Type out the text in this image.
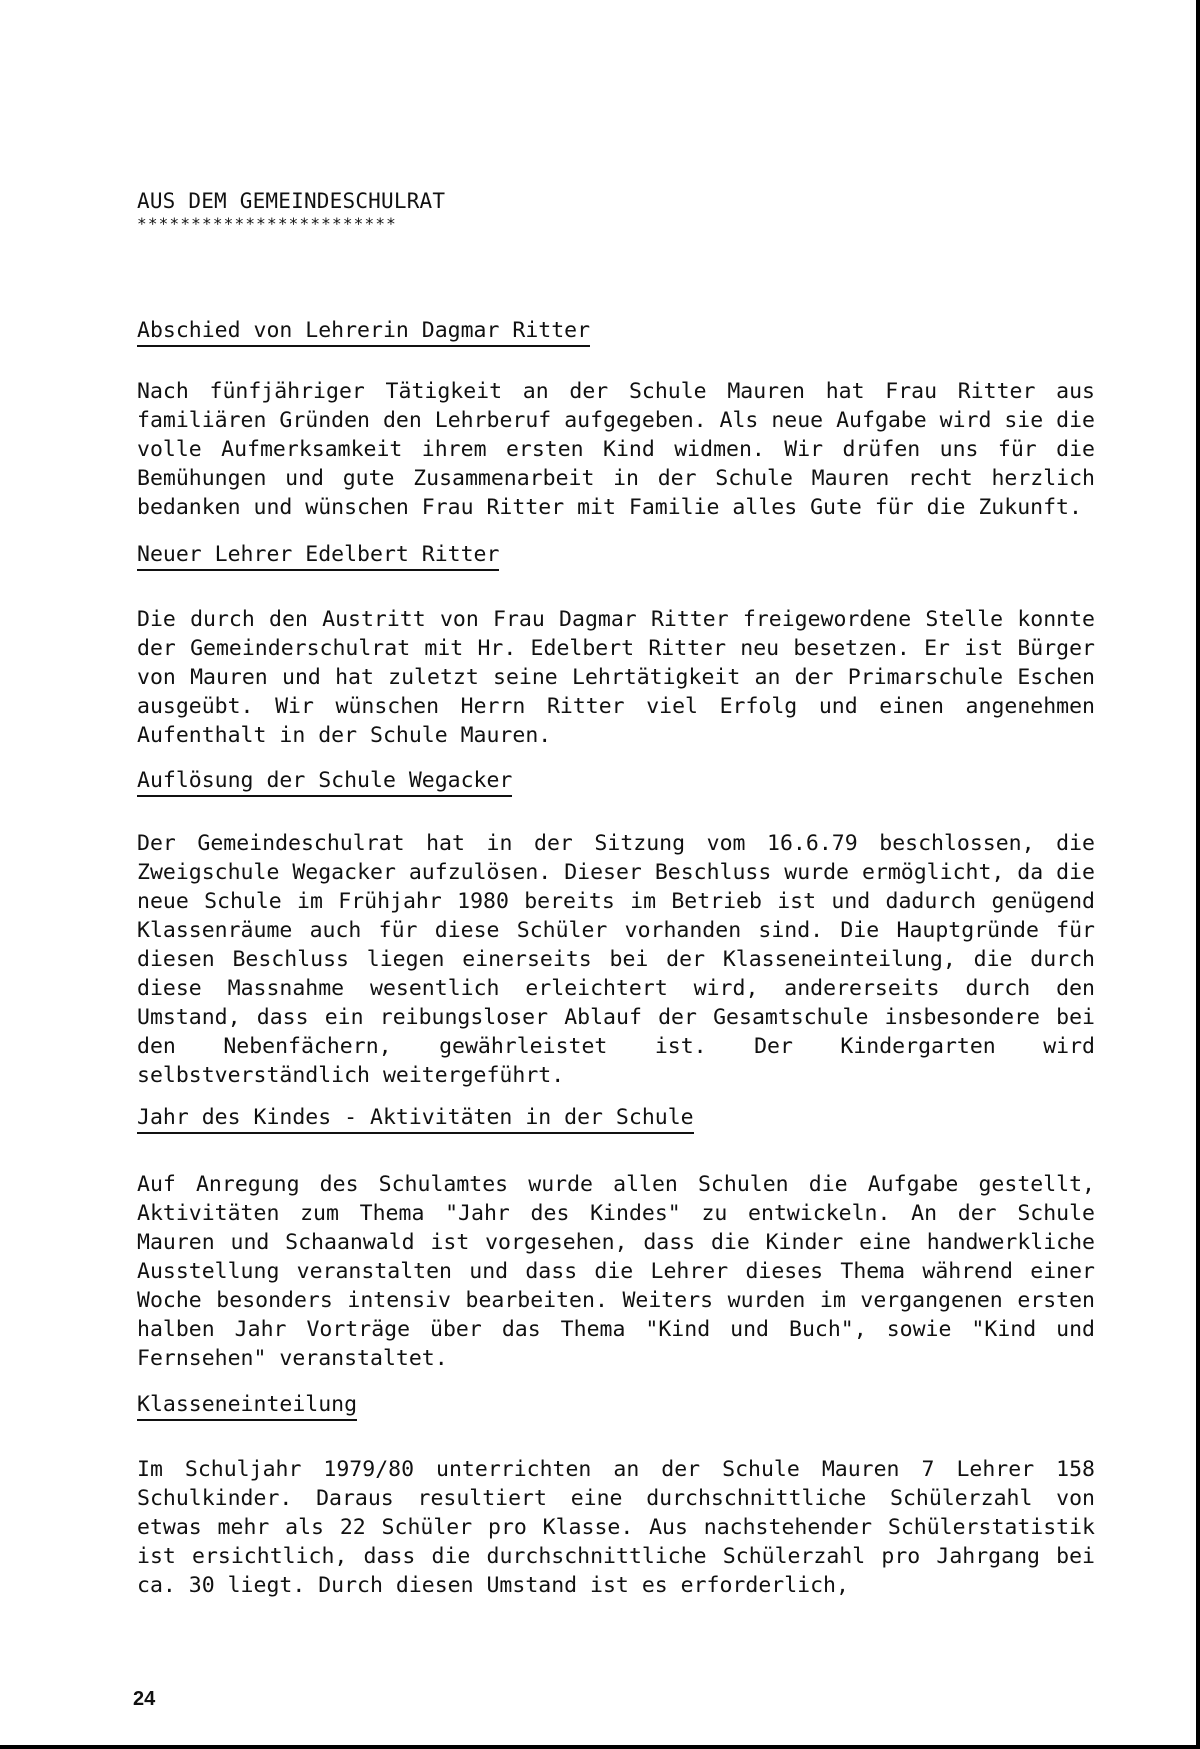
AUS DEM GEMEINDESCHULRAT

************************

Abschied von Lehrerin Dagmar Ritter

Nach fünfjähriger Tätigkeit an der Schule Mauren hat Frau Ritter aus familiären Gründen den Lehrberuf aufgegeben. Als neue Aufgabe wird sie die volle Aufmerksamkeit ihrem ersten Kind widmen. Wir drüfen uns für die Bemühungen und gute Zusammenarbeit in der Schule Mauren recht herzlich bedanken und wünschen Frau Ritter mit Familie alles Gute für die Zukunft.

Neuer Lehrer Edelbert Ritter

Die durch den Austritt von Frau Dagmar Ritter freigewordene Stelle konnte der Gemeinderschulrat mit Hr. Edelbert Ritter neu besetzen. Er ist Bürger von Mauren und hat zuletzt seine Lehrtätigkeit an der Primarschule Eschen ausgeübt. Wir wünschen Herrn Ritter viel Erfolg und einen angenehmen Aufenthalt in der Schule Mauren.

Auflösung der Schule Wegacker

Der Gemeindeschulrat hat in der Sitzung vom 16.6.79 beschlossen, die Zweigschule Wegacker aufzulösen. Dieser Beschluss wurde ermöglicht, da die neue Schule im Frühjahr 1980 bereits im Betrieb ist und dadurch genügend Klassenräume auch für diese Schüler vorhanden sind. Die Hauptgründe für diesen Beschluss liegen einerseits bei der Klasseneinteilung, die durch diese Massnahme wesentlich erleichtert wird, andererseits durch den Umstand, dass ein reibungsloser Ablauf der Gesamtschule insbesondere bei den Nebenfächern, gewährleistet ist. Der Kindergarten wird selbstverständlich weitergeführt.

Jahr des Kindes - Aktivitäten in der Schule

Auf Anregung des Schulamtes wurde allen Schulen die Aufgabe gestellt, Aktivitäten zum Thema "Jahr des Kindes" zu entwickeln. An der Schule Mauren und Schaanwald ist vorgesehen, dass die Kinder eine handwerkliche Ausstellung veranstalten und dass die Lehrer dieses Thema während einer Woche besonders intensiv bearbeiten. Weiters wurden im vergangenen ersten halben Jahr Vorträge über das Thema "Kind und Buch", sowie "Kind und Fernsehen" veranstaltet.

Klasseneinteilung

Im Schuljahr 1979/80 unterrichten an der Schule Mauren 7 Lehrer 158 Schulkinder. Daraus resultiert eine durchschnittliche Schülerzahl von etwas mehr als 22 Schüler pro Klasse. Aus nachstehender Schülerstatistik ist ersichtlich, dass die durchschnittliche Schülerzahl pro Jahrgang bei ca. 30 liegt. Durch diesen Umstand ist es erforderlich,

24
